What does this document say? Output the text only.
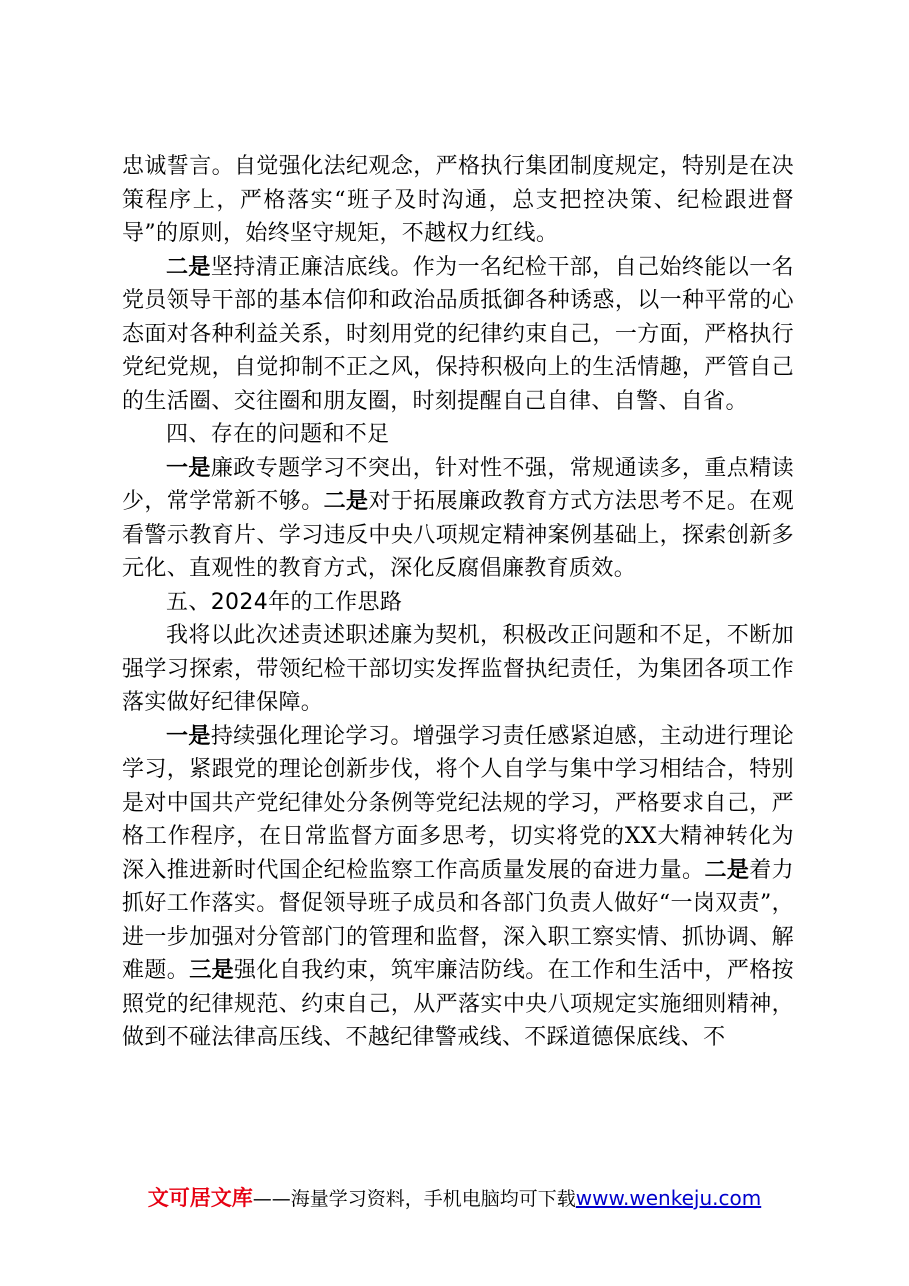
忠诚誓言。自觉强化法纪观念，严格执行集团制度规定，特别是在决策程序上，严格落实“班子及时沟通，总支把控决策、纪检跟进督导”的原则，始终坚守规矩，不越权力红线。

二是坚持清正廉洁底线。作为一名纪检干部，自己始终能以一名党员领导干部的基本信仰和政治品质抵御各种诱惑，以一种平常的心态面对各种利益关系，时刻用党的纪律约束自己，一方面，严格执行党纪党规，自觉抑制不正之风，保持积极向上的生活情趣，严管自己的生活圈、交往圈和朋友圈，时刻提醒自己自律、自警、自省。

四、存在的问题和不足

一是廉政专题学习不突出，针对性不强，常规通读多，重点精读少，常学常新不够。二是对于拓展廉政教育方式方法思考不足。在观看警示教育片、学习违反中央八项规定精神案例基础上，探索创新多元化、直观性的教育方式，深化反腐倡廉教育质效。

五、2024年的工作思路

我将以此次述责述职述廉为契机，积极改正问题和不足，不断加强学习探索，带领纪检干部切实发挥监督执纪责任，为集团各项工作落实做好纪律保障。

一是持续强化理论学习。增强学习责任感紧迫感，主动进行理论学习，紧跟党的理论创新步伐，将个人自学与集中学习相结合，特别是对中国共产党纪律处分条例等党纪法规的学习，严格要求自己，严格工作程序，在日常监督方面多思考，切实将党的XX大精神转化为深入推进新时代国企纪检监察工作高质量发展的奋进力量。二是着力抓好工作落实。督促领导班子成员和各部门负责人做好“一岗双责”，进一步加强对分管部门的管理和监督，深入职工察实情、抓协调、解难题。三是强化自我约束，筑牢廉洁防线。在工作和生活中，严格按照党的纪律规范、约束自己，从严落实中央八项规定实施细则精神，做到不碰法律高压线、不越纪律警戒线、不踩道德保底线、不

文可居文库——海量学习资料，手机电脑均可下载www.wenkeju.com
